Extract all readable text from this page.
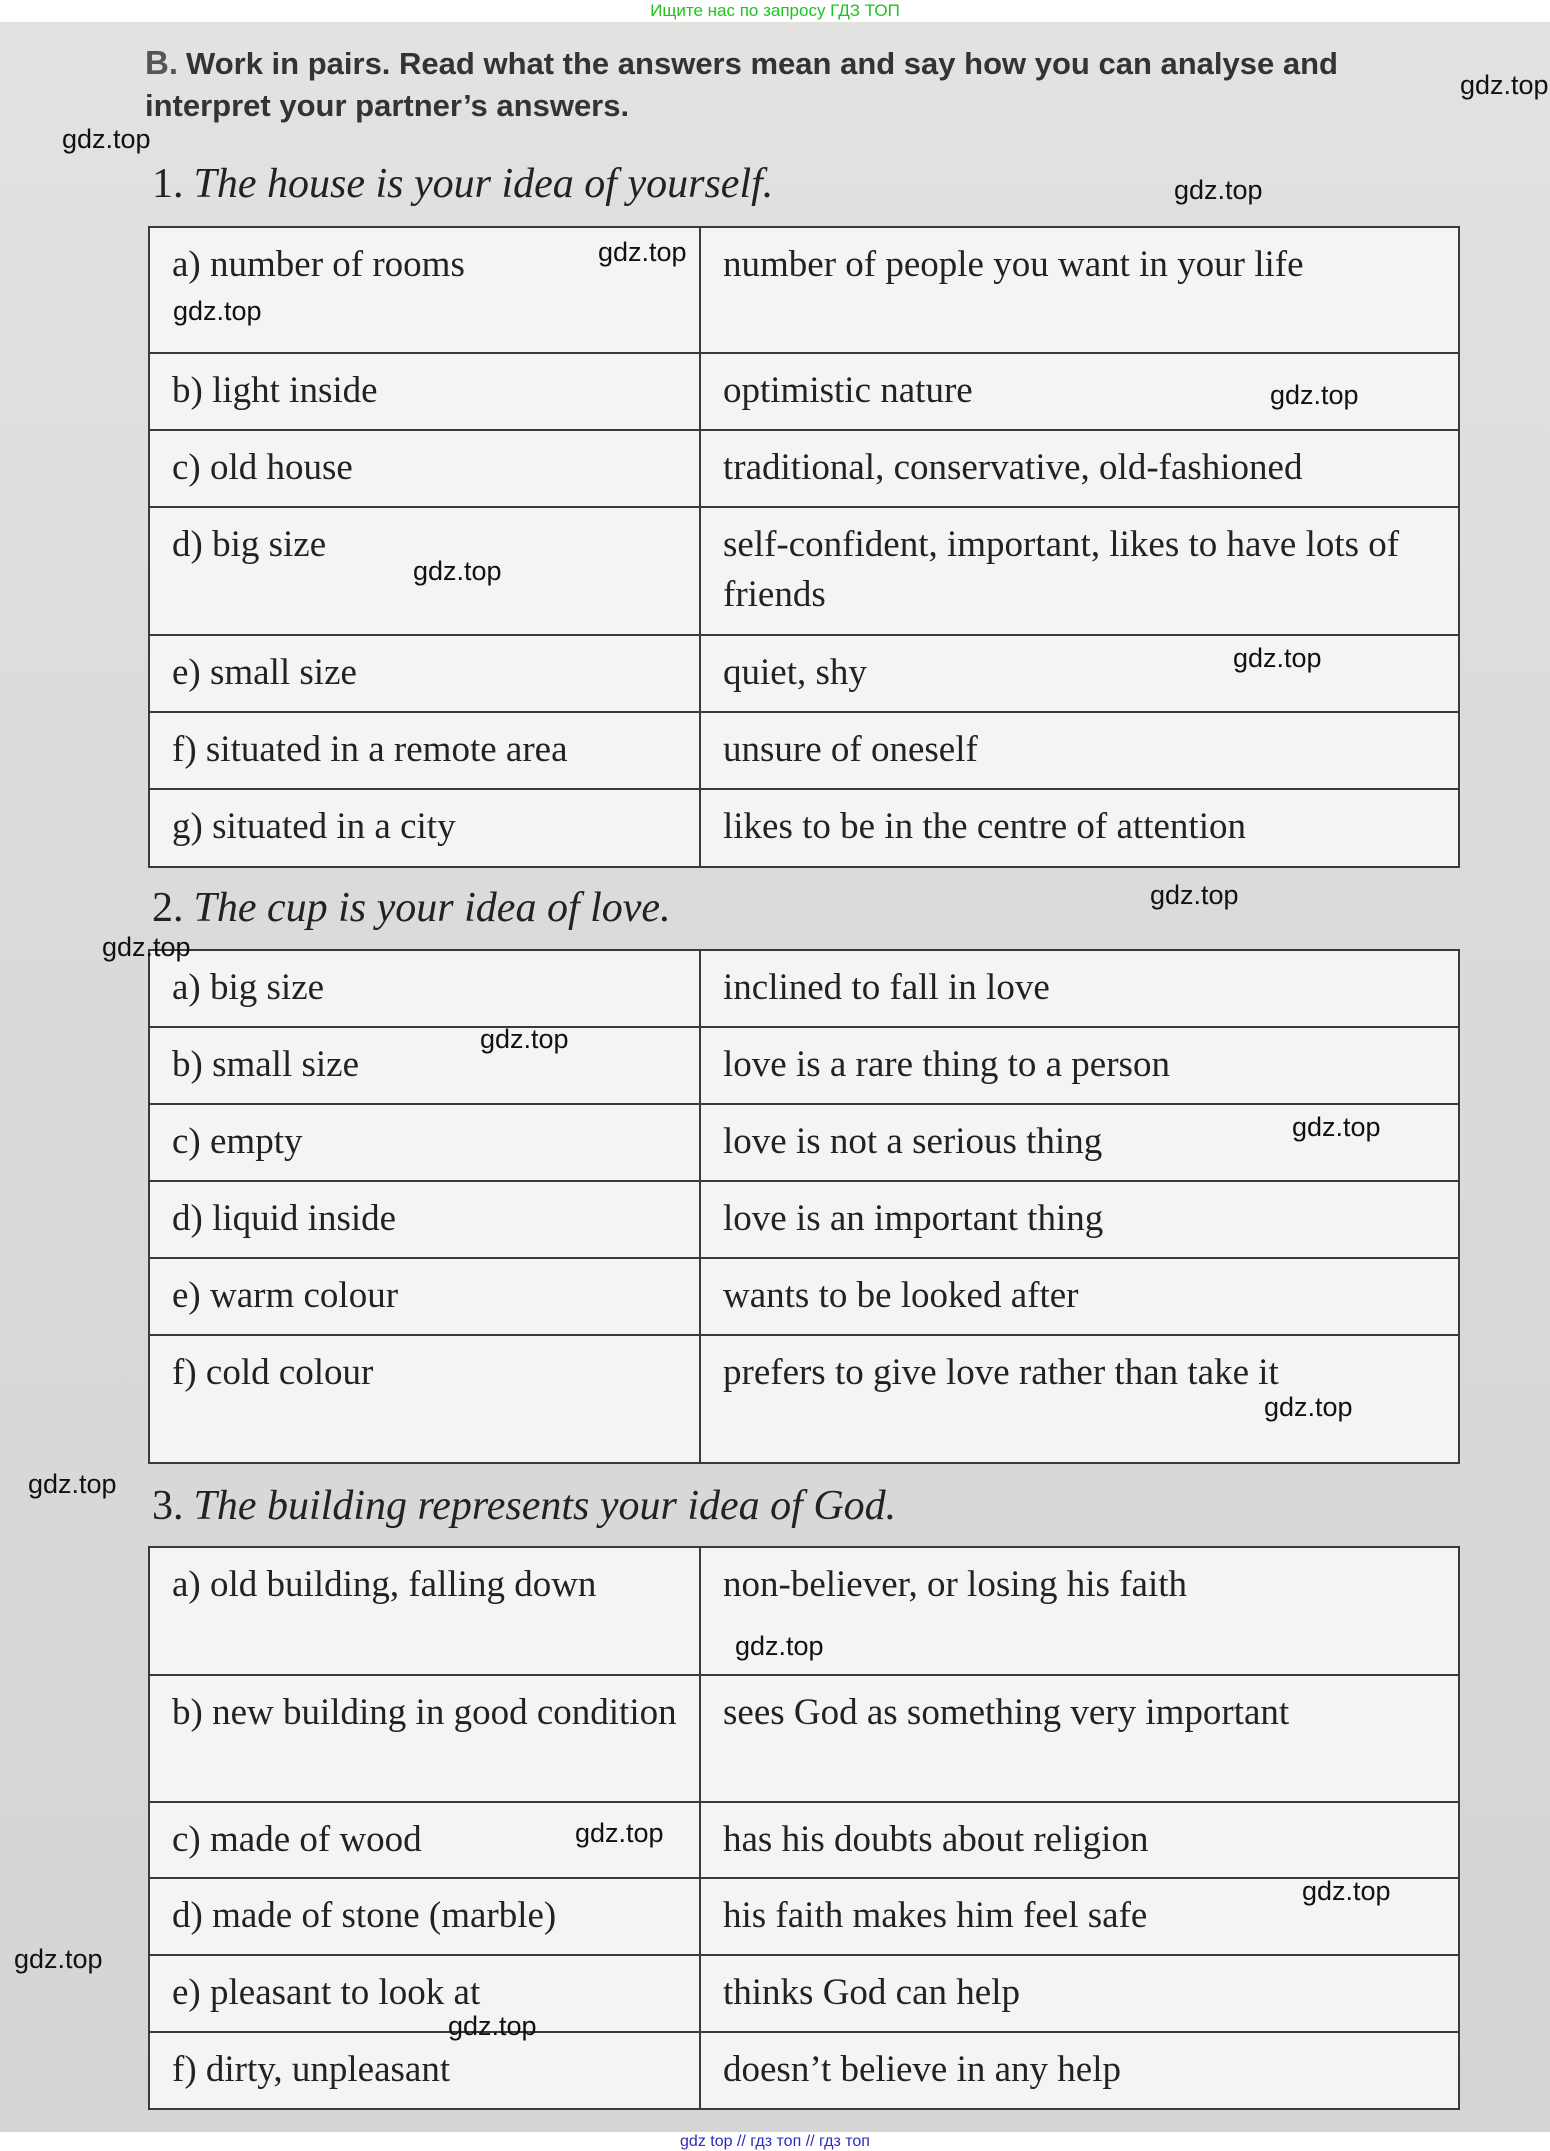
Ищите нас по запросу ГДЗ ТОП
B. Work in pairs. Read what the answers mean and say how you can analyse and interpret your partner’s answers.
1. The house is your idea of yourself.
a) number of rooms	number of people you want in your life
b) light inside	optimistic nature
c) old house	traditional, conservative, old-fashioned
d) big size	self-confident, important, likes to have lots of friends
e) small size	quiet, shy
f) situated in a remote area	unsure of oneself
g) situated in a city	likes to be in the centre of attention
2. The cup is your idea of love.
a) big size	inclined to fall in love
b) small size	love is a rare thing to a person
c) empty	love is not a serious thing
d) liquid inside	love is an important thing
e) warm colour	wants to be looked after
f) cold colour	prefers to give love rather than take it
3. The building represents your idea of God.
a) old building, falling down	non-believer, or losing his faith
b) new building in good condition	sees God as something very important
c) made of wood	has his doubts about religion
d) made of stone (marble)	his faith makes him feel safe
e) pleasant to look at	thinks God can help
f) dirty, unpleasant	doesn’t believe in any help
gdz.top
gdz.top
gdz.top
gdz.top
gdz.top
gdz.top
gdz.top
gdz.top
gdz.top
gdz.top
gdz.top
gdz.top
gdz.top
gdz.top
gdz.top
gdz.top
gdz.top
gdz.top
gdz.top
gdz top // гдз топ // гдз топ
